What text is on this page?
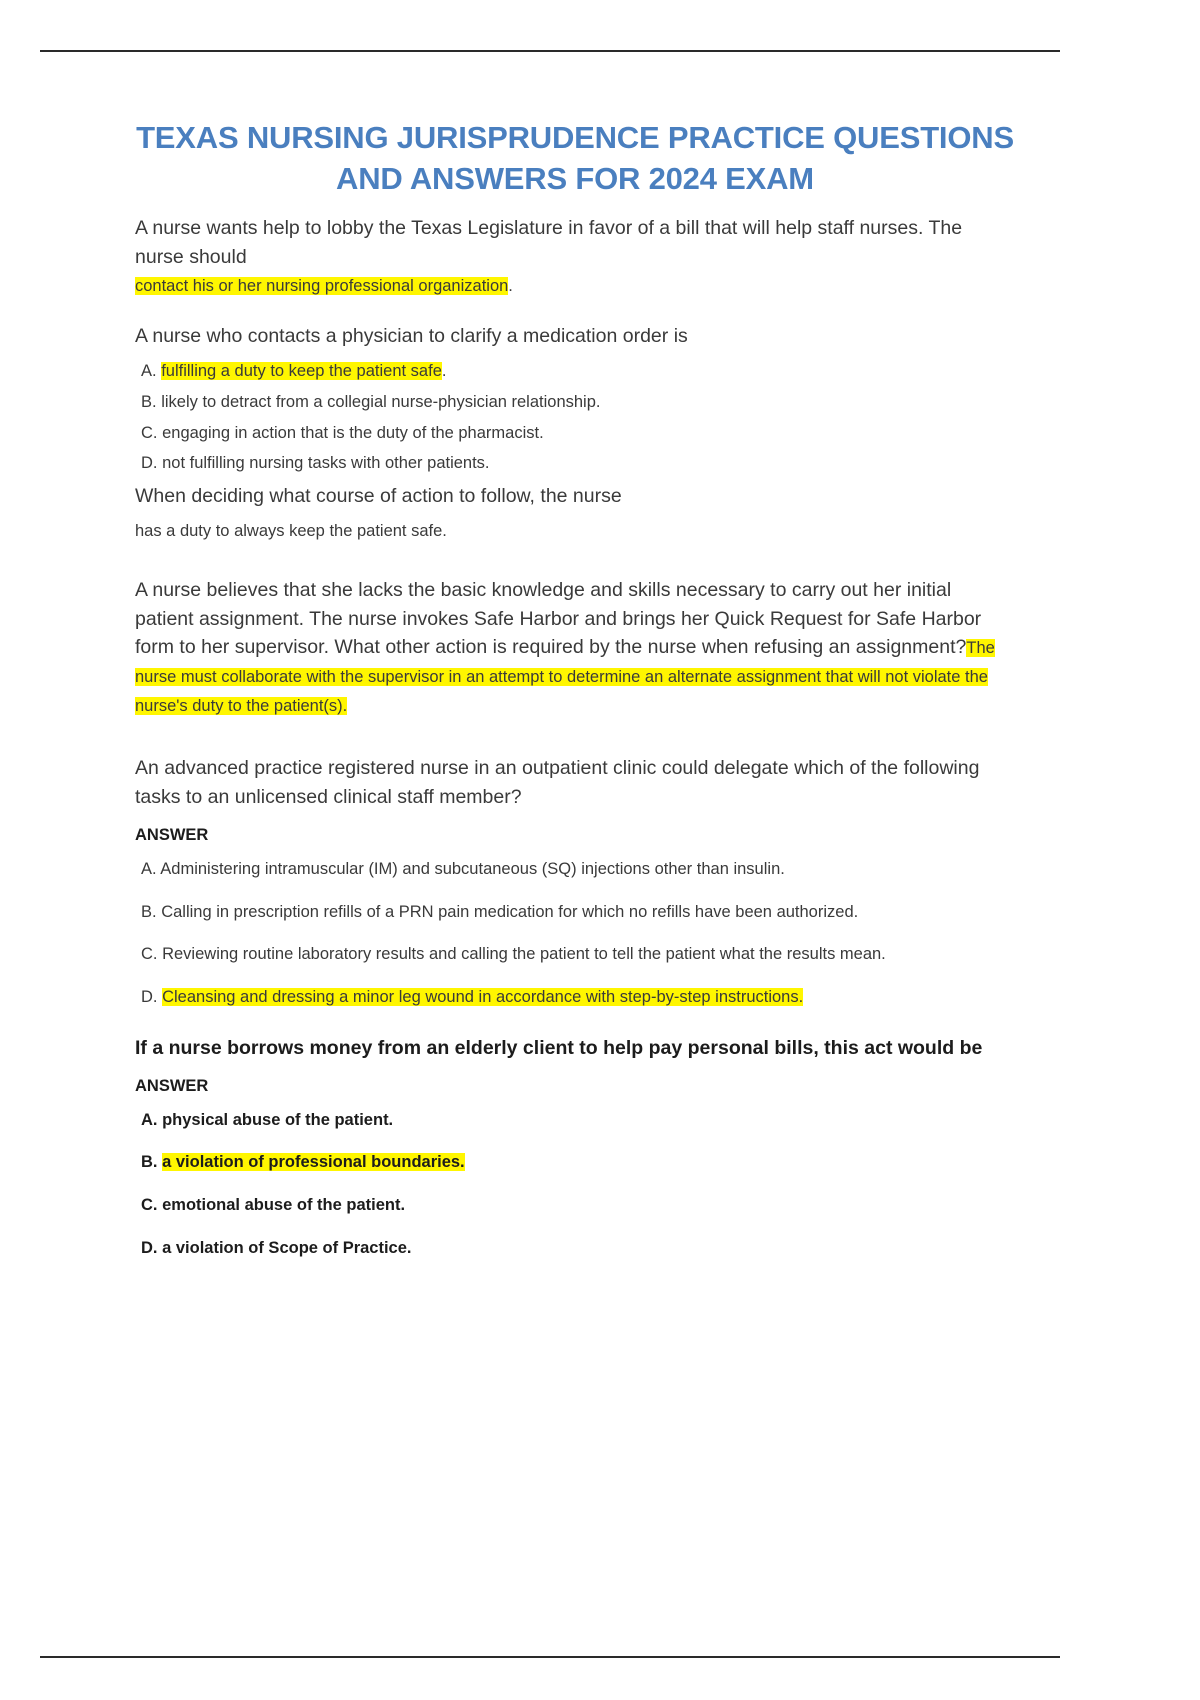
TEXAS NURSING JURISPRUDENCE PRACTICE QUESTIONS AND ANSWERS FOR 2024 EXAM

A nurse wants help to lobby the Texas Legislature in favor of a bill that will help staff nurses. The nurse should

contact his or her nursing professional organization.

A nurse who contacts a physician to clarify a medication order is

A. fulfilling a duty to keep the patient safe.

B. likely to detract from a collegial nurse-physician relationship.

C. engaging in action that is the duty of the pharmacist.

D. not fulfilling nursing tasks with other patients.

When deciding what course of action to follow, the nurse

has a duty to always keep the patient safe.

A nurse believes that she lacks the basic knowledge and skills necessary to carry out her initial patient assignment. The nurse invokes Safe Harbor and brings her Quick Request for Safe Harbor form to her supervisor. What other action is required by the nurse when refusing an assignment?The nurse must collaborate with the supervisor in an attempt to determine an alternate assignment that will not violate the nurse's duty to the patient(s).

An advanced practice registered nurse in an outpatient clinic could delegate which of the following tasks to an unlicensed clinical staff member?

ANSWER

A. Administering intramuscular (IM) and subcutaneous (SQ) injections other than insulin.

B. Calling in prescription refills of a PRN pain medication for which no refills have been authorized.

C. Reviewing routine laboratory results and calling the patient to tell the patient what the results mean.

D. Cleansing and dressing a minor leg wound in accordance with step-by-step instructions.

If a nurse borrows money from an elderly client to help pay personal bills, this act would be

ANSWER

A. physical abuse of the patient.

B. a violation of professional boundaries.

C. emotional abuse of the patient.

D. a violation of Scope of Practice.
